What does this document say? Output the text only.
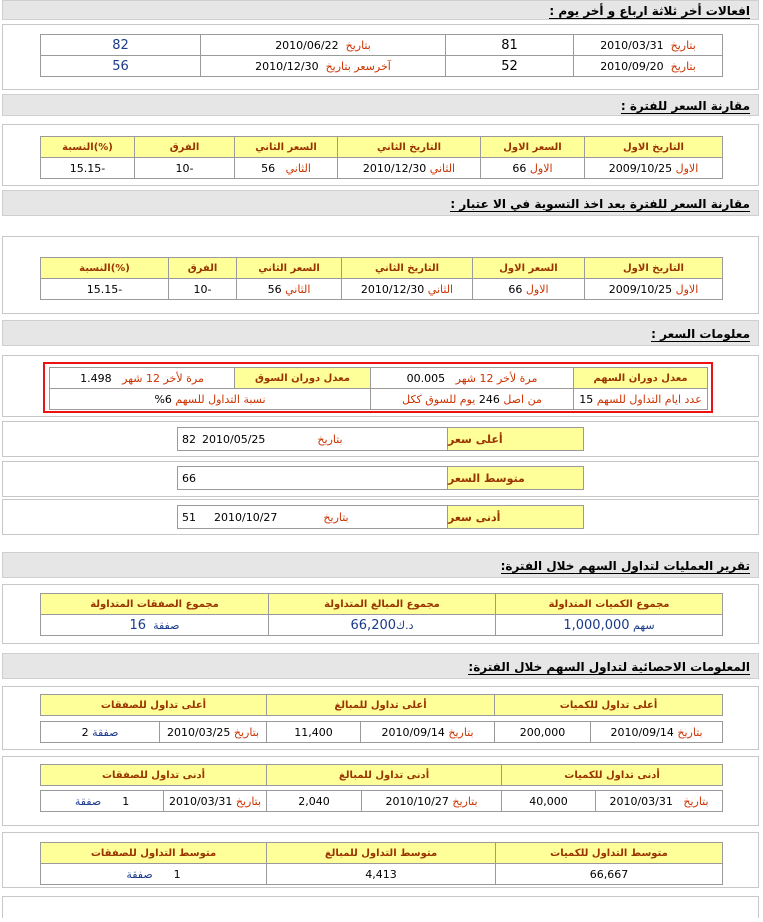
افعالات أخر ثلاثة ارباع و أخر يوم :
82	2010/06/22 بتاريخ	81	2010/03/31 بتاريخ
56	2010/12/30 آخرسعر بتاريخ	52	2010/09/20 بتاريخ
مقارنة السعر للفترة :
التاريخ الاول	السعر الاول	التاريخ الثاني	السعر الثاني	الفرق	(%)النسبة
الاول 2009/10/25	الاول 66	الثاني 2010/12/30	الثاني   56	-10	-15.15
مقارنة السعر للفترة بعد اخذ التسوية في الا عتبار :
التاريخ الاول	السعر الاول	التاريخ الثاني	السعر الثاني	الفرق	(%)النسبة
الاول 2009/10/25	الاول 66	الثاني 2010/12/30	الثاني 56	-10	-15.15
معلومات السعر :
معدل دوران السهم	مرة لأخر 12 شهر   00.005	معدل دوران السوق	مرة لأخر 12 شهر   1.498
عدد ايام التداول للسهم 15	من اصل 246 يوم للسوق ككل	نسبة التداول للسهم 6%	
أعلى سعر
82 2010/05/25	بتاريخ
متوسط السعر
66
أدنى سعر
51 2010/10/27	بتاريخ
تقرير العمليات لتداول السهم خلال الفترة:
مجموع الكميات المتداولة	مجموع المبالغ المتداولة	مجموع الصفقات المتداولة
سهم 1,000,000	د.ك66,200	صفقة  16
المعلومات الاحصائية لتداول السهم خلال الفترة:
أعلى تداول للكميات		أعلى تداول للمبالغ		أعلى تداول للصفقات	

بتاريخ 2010/09/14	200,000	بتاريخ 2010/09/14	11,400	بتاريخ 2010/03/25	صفقة 2
أدنى تداول للكميات		أدنى تداول للمبالغ		أدنى تداول للصفقات	

بتاريخ   2010/03/31	40,000	بتاريخ 2010/10/27	2,040	بتاريخ 2010/03/31	1      صفقة
متوسط التداول للكميات	متوسط التداول للمبالغ	متوسط التداول للصفقات
66,667	4,413	1      صفقة
